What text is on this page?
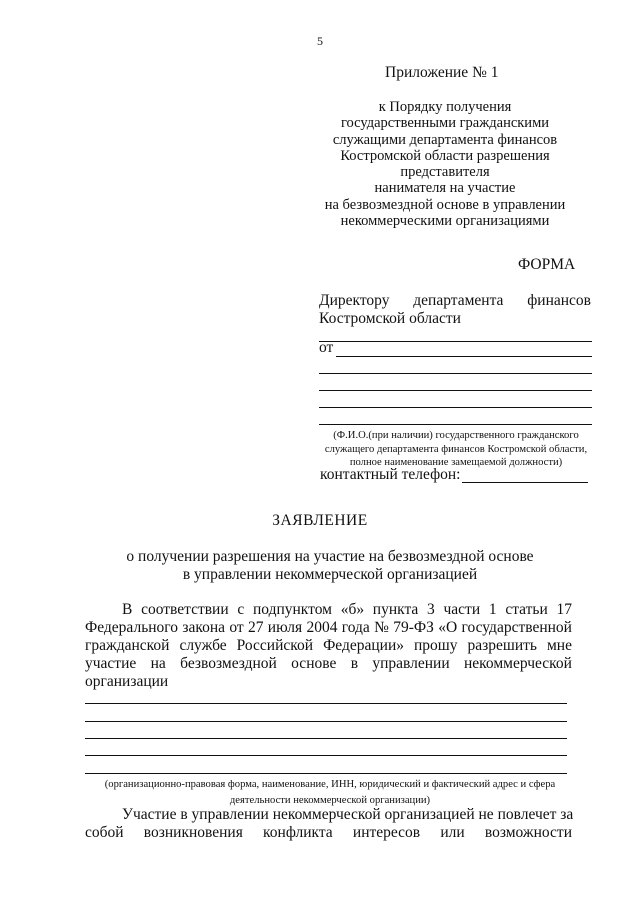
5
Приложение № 1
к Порядку получения
государственными гражданскими
служащими департамента финансов
Костромской области разрешения
представителя
нанимателя на участие
на безвозмездной основе в управлении
некоммерческими организациями
ФОРМА
Директору департамента финансов
Костромской области
от
(Ф.И.О.(при наличии) государственного гражданского служащего департамента финансов Костромской области, полное наименование замещаемой должности)
контактный телефон:
ЗАЯВЛЕНИЕ
о получении разрешения на участие на безвозмездной основе
в управлении некоммерческой организацией
В соответствии с подпунктом «б» пункта 3 части 1 статьи 17
Федерального закона от 27 июля 2004 года № 79-ФЗ «О государственной
гражданской службе Российской Федерации» прошу разрешить мне
участие на безвозмездной основе в управлении некоммерческой
организации
(организационно-правовая форма, наименование, ИНН, юридический и фактический адрес и сфера деятельности некоммерческой организации)
Участие в управлении некоммерческой организацией не повлечет за
собой возникновения конфликта интересов или возможности
